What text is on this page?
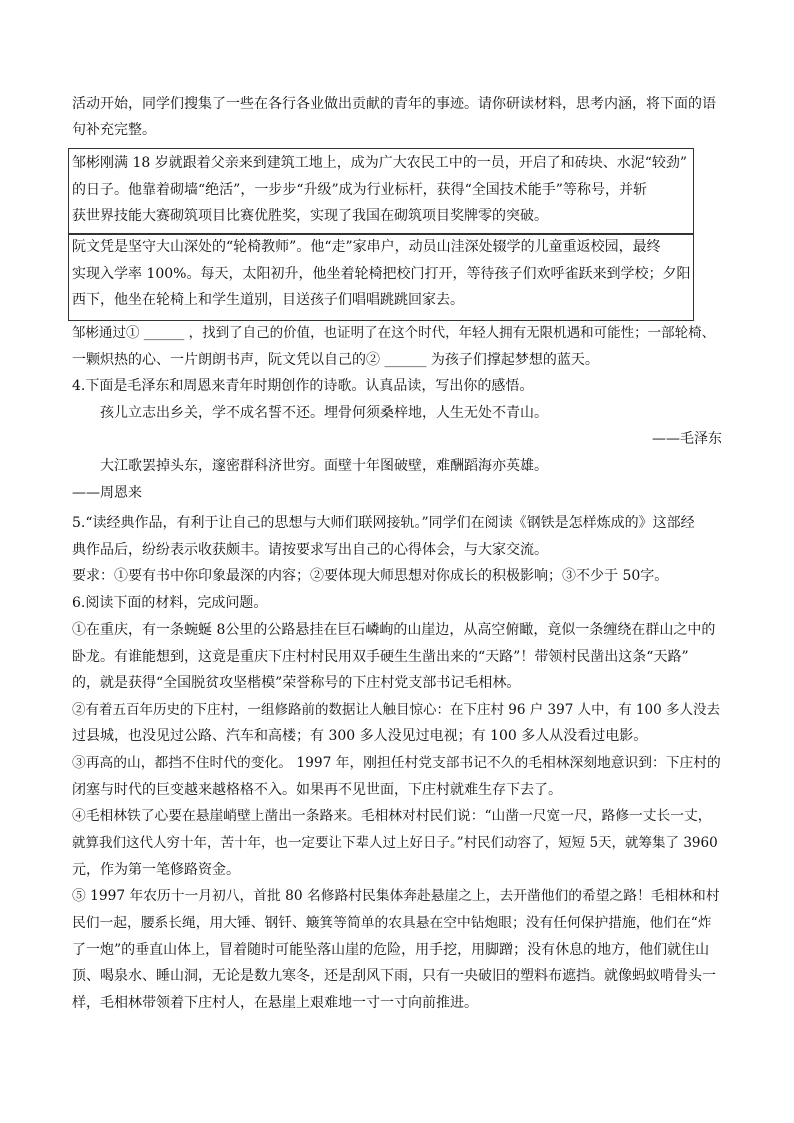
活动开始，同学们搜集了一些在各行各业做出贡献的青年的事迹。请你研读材料，思考内涵，将下面的语
句补充完整。
邹彬刚满 18 岁就跟着父亲来到建筑工地上，成为广大农民工中的一员，开启了和砖块、水泥“较劲”
的日子。他靠着砌墙“绝活”，一步步“升级”成为行业标杆，获得“全国技术能手”等称号，并斩
获世界技能大赛砌筑项目比赛优胜奖，实现了我国在砌筑项目奖牌零的突破。
阮文凭是坚守大山深处的“轮椅教师”。他“走”家串户，动员山洼深处辍学的儿童重返校园，最终
实现入学率 100%。每天，太阳初升，他坐着轮椅把校门打开，等待孩子们欢呼雀跃来到学校；夕阳
西下，他坐在轮椅上和学生道别，目送孩子们唱唱跳跳回家去。
邹彬通过① ______ ，找到了自己的价值，也证明了在这个时代，年轻人拥有无限机遇和可能性；一部轮椅、
一颗炽热的心、一片朗朗书声，阮文凭以自己的② ______ 为孩子们撑起梦想的蓝天。
4.下面是毛泽东和周恩来青年时期创作的诗歌。认真品读，写出你的感悟。
孩儿立志出乡关，学不成名誓不还。埋骨何须桑梓地，人生无处不青山。
——毛泽东
大江歌罢掉头东，邃密群科济世穷。面壁十年图破壁，难酬蹈海亦英雄。
——周恩来
5.“读经典作品，有利于让自己的思想与大师们联网接轨。”同学们在阅读《钢铁是怎样炼成的》这部经
典作品后，纷纷表示收获颇丰。请按要求写出自己的心得体会，与大家交流。
要求：①要有书中你印象最深的内容；②要体现大师思想对你成长的积极影响；③不少于 50字。
6.阅读下面的材料，完成问题。
①在重庆，有一条蜿蜒 8公里的公路悬挂在巨石嶙峋的山崖边，从高空俯瞰，竟似一条缠绕在群山之中的
卧龙。有谁能想到，这竟是重庆下庄村村民用双手硬生生凿出来的“天路”！带领村民凿出这条“天路”
的，就是获得“全国脱贫攻坚楷模”荣誉称号的下庄村党支部书记毛相林。
②有着五百年历史的下庄村，一组修路前的数据让人触目惊心：在下庄村 96 户 397 人中，有 100 多人没去
过县城，也没见过公路、汽车和高楼；有 300 多人没见过电视；有 100 多人从没看过电影。
③再高的山，都挡不住时代的变化。 1997 年，刚担任村党支部书记不久的毛相林深刻地意识到：下庄村的
闭塞与时代的巨变越来越格格不入。如果再不见世面，下庄村就难生存下去了。
④毛相林铁了心要在悬崖峭壁上凿出一条路来。毛相林对村民们说：“山凿一尺宽一尺，路修一丈长一丈，
就算我们这代人穷十年，苦十年，也一定要让下辈人过上好日子。”村民们动容了，短短 5天，就筹集了 3960
元，作为第一笔修路资金。
⑤ 1997 年农历十一月初八，首批 80 名修路村民集体奔赴悬崖之上，去开凿他们的希望之路！毛相林和村
民们一起，腰系长绳，用大锤、钢钎、簸箕等简单的农具悬在空中钻炮眼；没有任何保护措施，他们在“炸
了一炮”的垂直山体上，冒着随时可能坠落山崖的危险，用手挖，用脚蹭；没有休息的地方，他们就住山
顶、喝泉水、睡山洞，无论是数九寒冬，还是刮风下雨，只有一央破旧的塑料布遮挡。就像蚂蚁啃骨头一
样，毛相林带领着下庄村人，在悬崖上艰难地一寸一寸向前推进。
